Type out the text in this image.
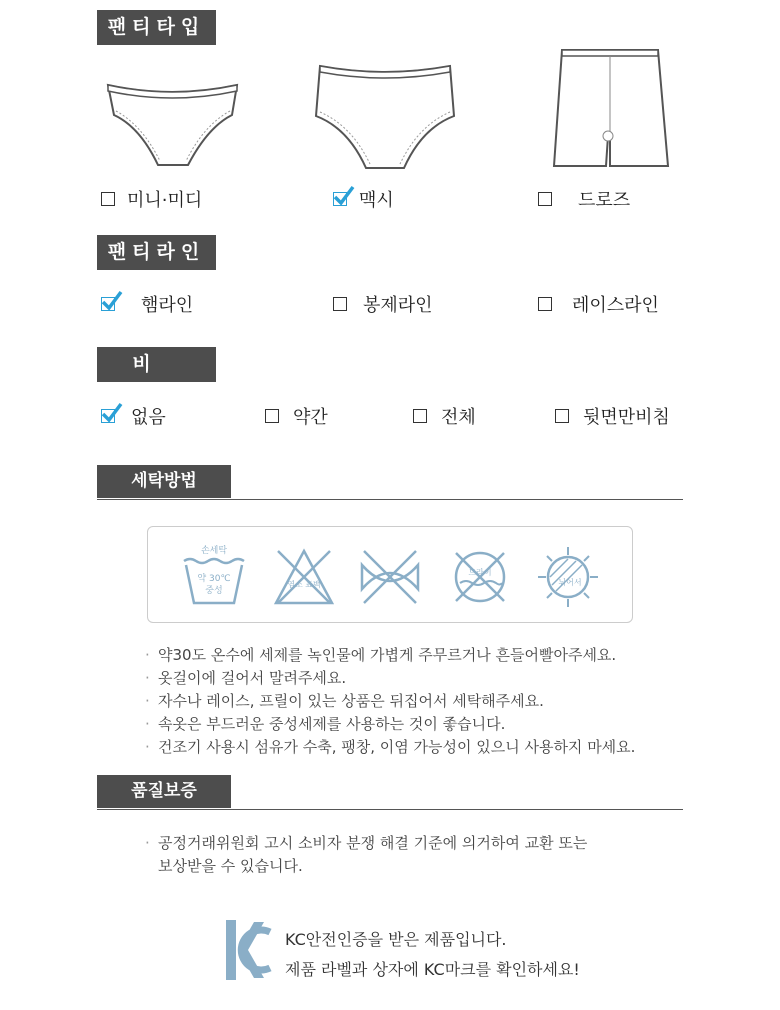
팬티타입
미니·미디	맥시	드로즈
팬티라인
햄라인	봉제라인	레이스라인
비침
없음	약간	전체	뒷면만비침
세탁방법
손세탁
약 30℃
중성
염소 표백
드라이
뉘어서
· 약30도 온수에 세제를 녹인물에 가볍게 주무르거나 흔들어빨아주세요.
· 옷걸이에 걸어서 말려주세요.
· 자수나 레이스, 프릴이 있는 상품은 뒤집어서 세탁해주세요.
· 속옷은 부드러운 중성세제를 사용하는 것이 좋습니다.
· 건조기 사용시 섬유가 수축, 팽창, 이염 가능성이 있으니 사용하지 마세요.
품질보증
· 공정거래위원회 고시 소비자 분쟁 해결 기준에 의거하여 교환 또는
보상받을 수 있습니다.
KC안전인증을 받은 제품입니다.
제품 라벨과 상자에 KC마크를 확인하세요!
